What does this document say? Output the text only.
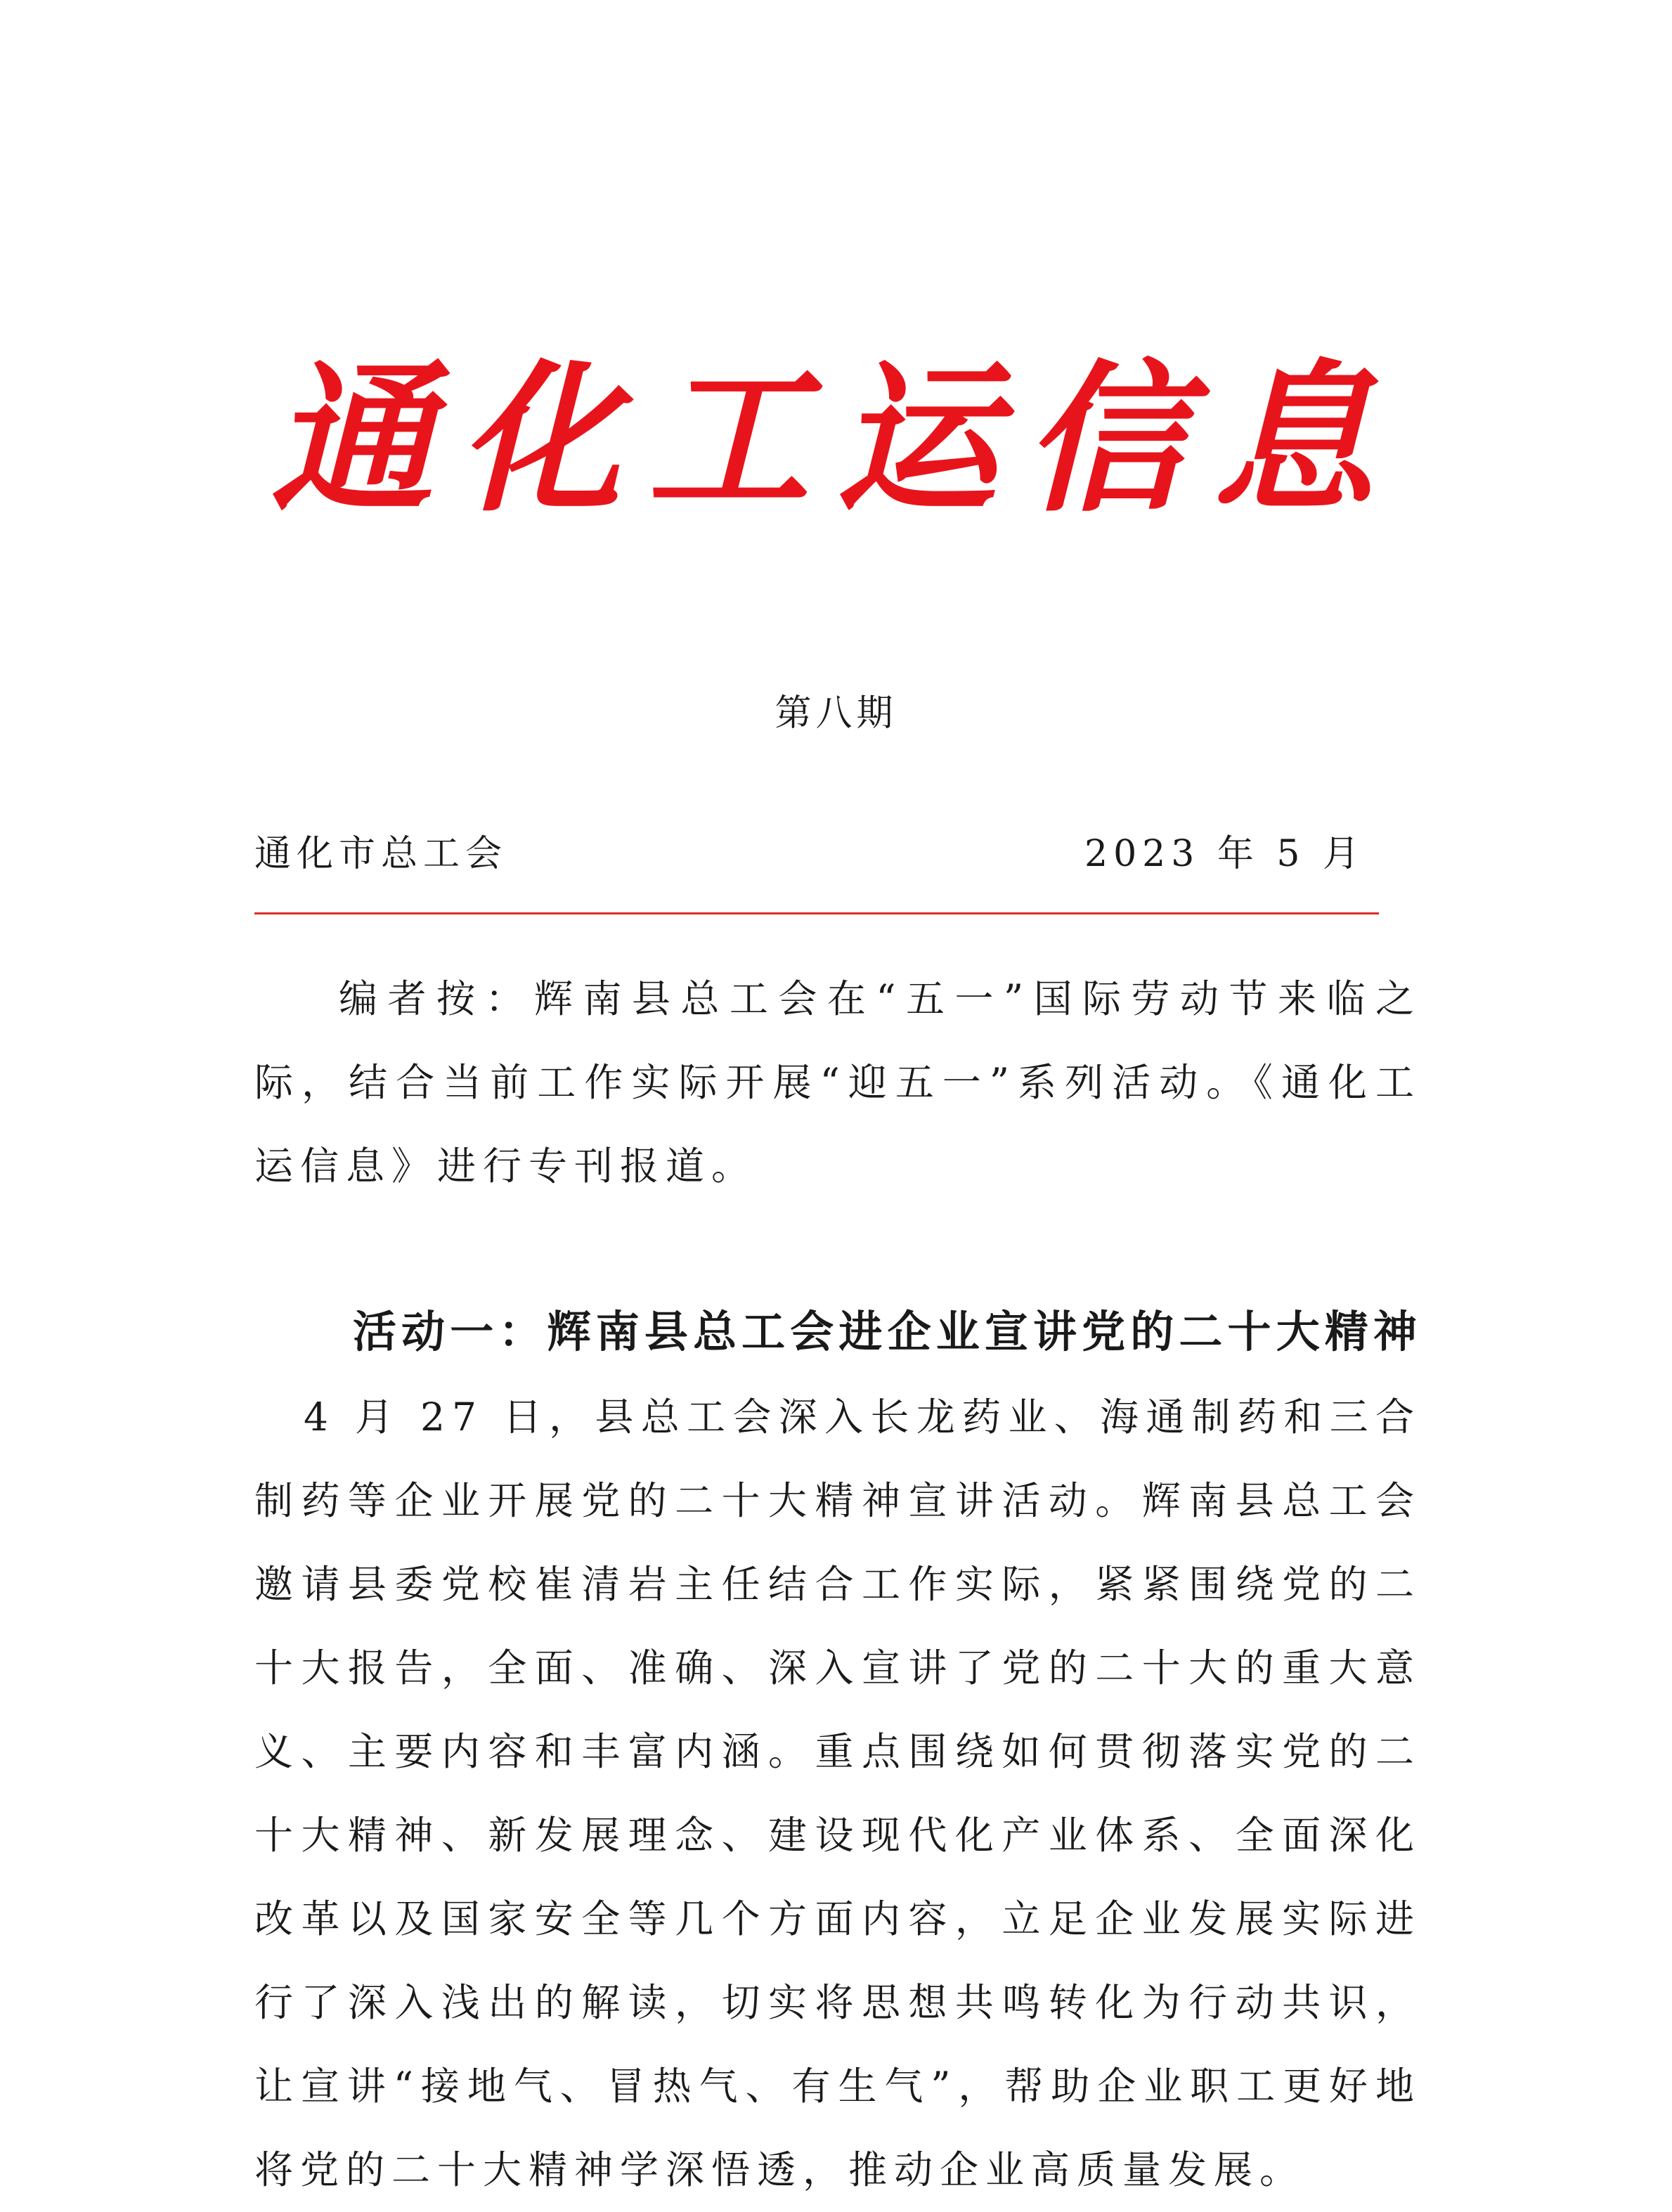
通化工运信息
第八期
通化市总工会	2023 年 5 月
编者按：辉南县总工会在“五一”国际劳动节来临之际，结合当前工作实际开展“迎五一”系列活动。《通化工运信息》进行专刊报道。
活动一：辉南县总工会进企业宣讲党的二十大精神4 月 27 日，县总工会深入长龙药业、海通制药和三合制药等企业开展党的二十大精神宣讲活动。辉南县总工会邀请县委党校崔清岩主任结合工作实际，紧紧围绕党的二十大报告，全面、准确、深入宣讲了党的二十大的重大意义、主要内容和丰富内涵。重点围绕如何贯彻落实党的二十大精神、新发展理念、建设现代化产业体系、全面深化改革以及国家安全等几个方面内容，立足企业发展实际进行了深入浅出的解读，切实将思想共鸣转化为行动共识，让宣讲“接地气、冒热气、有生气”，帮助企业职工更好地将党的二十大精神学深悟透，推动企业高质量发展。
